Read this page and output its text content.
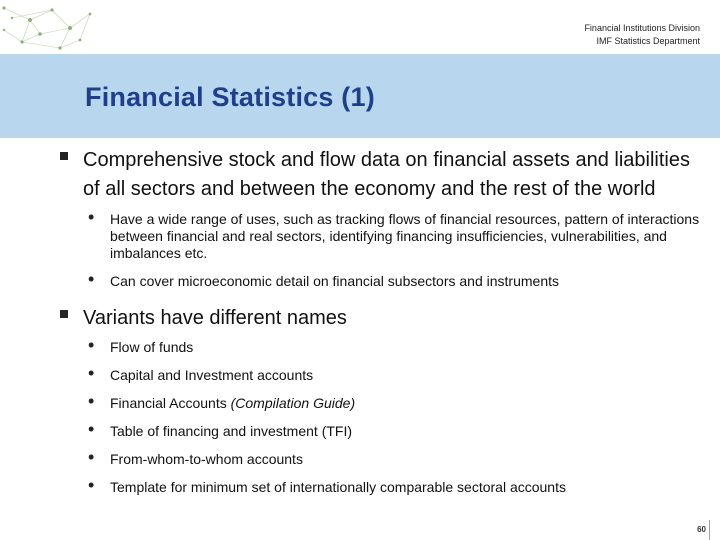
Financial Institutions Division
IMF Statistics Department
Financial Statistics (1)
Comprehensive stock and flow data on financial assets and liabilities of all sectors and between the economy and the rest of the world
• Have a wide range of uses, such as tracking flows of financial resources, pattern of interactions between financial and real sectors, identifying financing insufficiencies, vulnerabilities, and imbalances etc.
• Can cover microeconomic detail on financial subsectors and instruments
Variants have different names
• Flow of funds
• Capital and Investment accounts
• Financial Accounts (Compilation Guide)
• Table of financing and investment (TFI)
• From-whom-to-whom accounts
• Template for minimum set of internationally comparable sectoral accounts
60
